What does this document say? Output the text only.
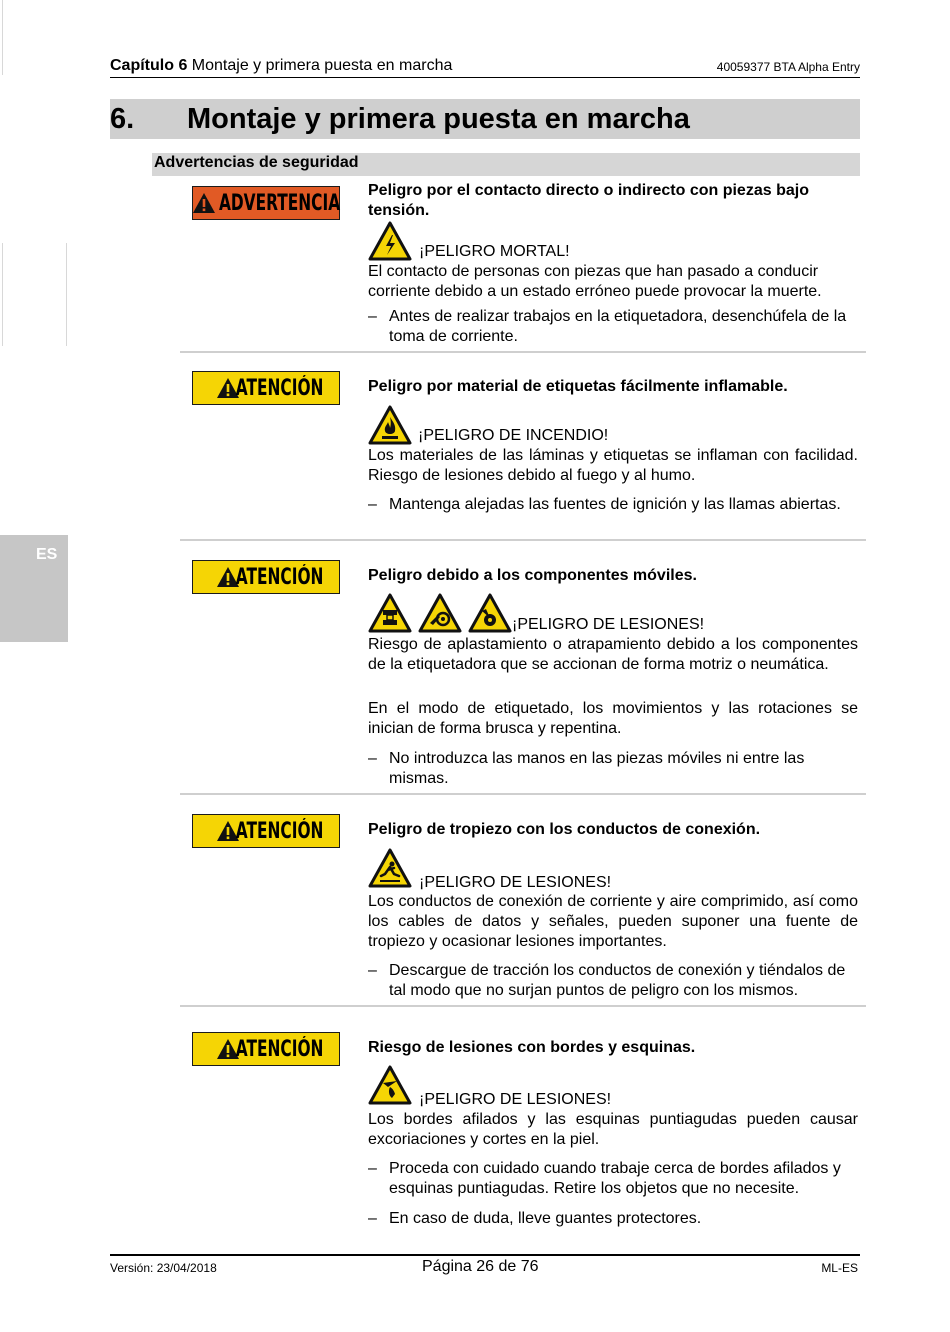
Capítulo 6 Montaje y primera puesta en marcha	40059377 BTA Alpha Entry
6. Montaje y primera puesta en marcha
Advertencias de seguridad
ES
ADVERTENCIA Peligro por el contacto directo o indirecto con piezas bajo tensión.
¡PELIGRO MORTAL!
El contacto de personas con piezas que han pasado a conducir corriente debido a un estado erróneo puede provocar la muerte.
– Antes de realizar trabajos en la etiquetadora, desenchúfela de la toma de corriente.
ATENCIÓN	Peligro por material de etiquetas fácilmente inflamable.
¡PELIGRO DE INCENDIO!
Los materiales de las láminas y etiquetas se inflaman con facilidad. Riesgo de lesiones debido al fuego y al humo.
– Mantenga alejadas las fuentes de ignición y las llamas abiertas.
ATENCIÓN	Peligro debido a los componentes móviles.
¡PELIGRO DE LESIONES!
Riesgo de aplastamiento o atrapamiento debido a los componentes de la etiquetadora que se accionan de forma motriz o neumática.
En el modo de etiquetado, los movimientos y las rotaciones se inician de forma brusca y repentina.
– No introduzca las manos en las piezas móviles ni entre las mismas.
ATENCIÓN	Peligro de tropiezo con los conductos de conexión.
¡PELIGRO DE LESIONES!
Los conductos de conexión de corriente y aire comprimido, así como los cables de datos y señales, pueden suponer una fuente de tropiezo y ocasionar lesiones importantes.
– Descargue de tracción los conductos de conexión y tiéndalos de tal modo que no surjan puntos de peligro con los mismos.
ATENCIÓN	Riesgo de lesiones con bordes y esquinas.
¡PELIGRO DE LESIONES!
Los bordes afilados y las esquinas puntiagudas pueden causar excoriaciones y cortes en la piel.
– Proceda con cuidado cuando trabaje cerca de bordes afilados y esquinas puntiagudas. Retire los objetos que no necesite.
– En caso de duda, lleve guantes protectores.
Versión: 23/04/2018	Página 26 de 76	ML-ES
